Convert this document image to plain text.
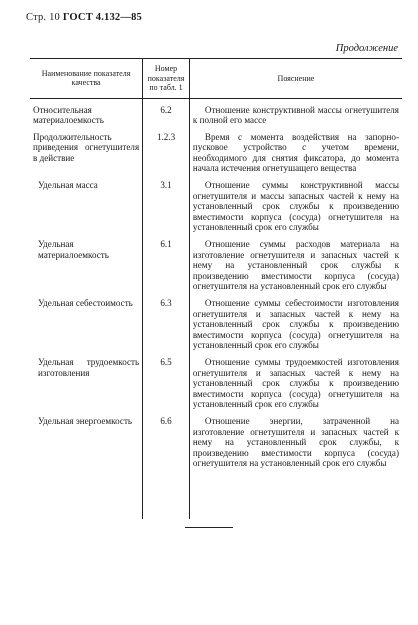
Стр. 10 ГОСТ 4.132—85
Продолжение
Наименование показателя качества	Номер показателя по табл. 1	Пояснение
Относительная материалоемкость	6.2	Отношение конструктивной массы огнетушителя к полной его массе

Продолжительность приведения огнетушителя в действие	1.2.3	Время с момента воздействия на запорно-пусковое устройство с учетом времени, необходимого для снятия фиксатора, до момента начала истечения огнетушащего вещества

Удельная масса	3.1	Отношение суммы конструктивной массы огнетушителя и массы запасных частей к нему на установленный срок службы к произведению вместимости корпуса (сосуда) огнетушителя на установленный срок его службы

Удельная материалоемкость	6.1	Отношение суммы расходов материала на изготовление огнетушителя и запасных частей к нему на установленный срок службы к произведению вместимости корпуса (сосуда) огнетушителя на установленный срок его службы

Удельная себестоимость	6.3	Отношение суммы себестоимости изготовления огнетушителя и запасных частей к нему на установленный срок службы к произведению вместимости корпуса (сосуда) огнетушителя на установленный срок его службы

Удельная трудоемкость изготовления	6.5	Отношение суммы трудоемкостей изготовления огнетушителя и запасных частей к нему на установленный срок службы к произведению вместимости корпуса (сосуда) огнетушителя на установленный срок его службы

Удельная энергоемкость	6.6	Отношение энергии, затраченной на изготовление огнетушителя и запасных частей к нему на установленный срок службы, к произведению вместимости корпуса (сосуда) огнетушителя на установленный срок его службы
